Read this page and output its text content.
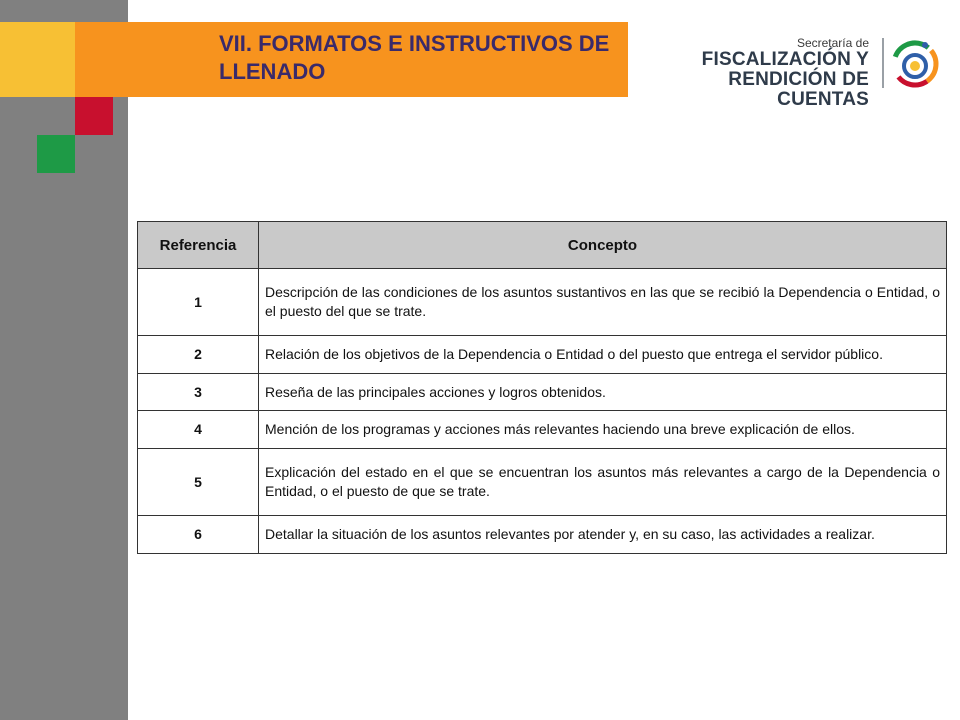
VII. FORMATOS E INSTRUCTIVOS DE LLENADO
Secretaría de
FISCALIZACIÓN Y
RENDICIÓN DE CUENTAS
Referencia	Concepto
1	Descripción de las condiciones de los asuntos sustantivos en las que se recibió la Dependencia o Entidad, o el puesto del que se trate.
2	Relación de los objetivos de la Dependencia o Entidad o del puesto que entrega el servidor público.
3	Reseña de las principales acciones y logros obtenidos.
4	Mención de los programas y acciones más relevantes haciendo una breve explicación de ellos.
5	Explicación del estado en el que se encuentran los asuntos más relevantes a cargo de la Dependencia o Entidad, o el puesto de que se trate.
6	Detallar la situación de los asuntos relevantes por atender y, en su caso, las actividades a realizar.
